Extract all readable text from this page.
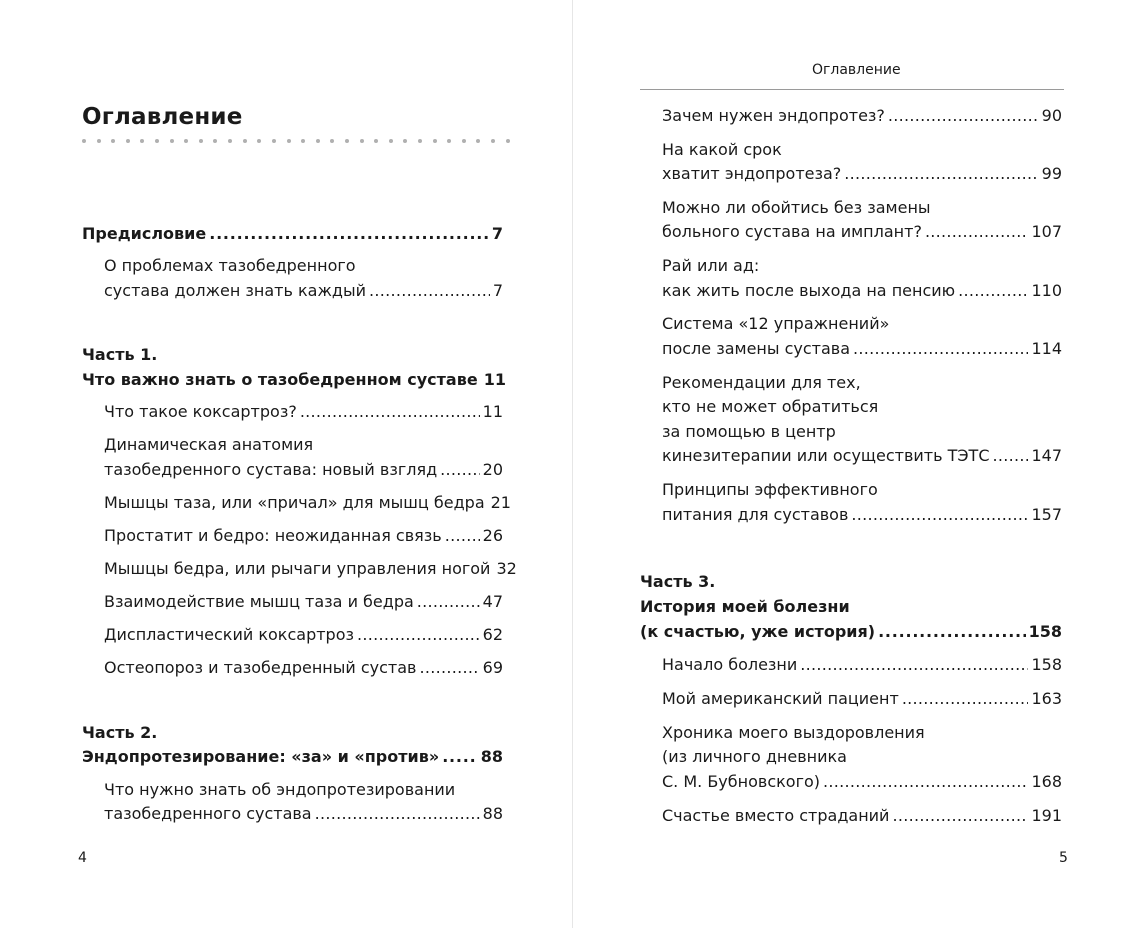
Оглавление
Предисловие . . .	7
О проблемах тазобедренного
сустава должен знать каждый . . .	7
Часть 1.
Что важно знать о тазобедренном суставе 11
Что такое коксартроз? . . .	11
Динамическая анатомия
тазобедренного сустава: новый взгляд . . .	20
Мышцы таза, или «причал» для мышц бедра 21
Простатит и бедро: неожиданная связь . . .	26
Мышцы бедра, или рычаги управления ногой 32
Взаимодействие мышц таза и бедра . . .	47
Диспластический коксартроз . . .	62
Остеопороз и тазобедренный сустав . . .	69
Часть 2.
Эндопротезирование: «за» и «против» . . .	88
Что нужно знать об эндопротезировании
тазобедренного сустава . . .	88
4
Оглавление
Зачем нужен эндопротез? . . .	90
На какой срок
хватит эндопротеза? . . .	99
Можно ли обойтись без замены
больного сустава на имплант? . . .	107
Рай или ад:
как жить после выхода на пенсию . . .	110
Система «12 упражнений»
после замены сустава . . .	114
Рекомендации для тех,
кто не может обратиться
за помощью в центр
кинезитерапии или осуществить ТЭТС . . .	147
Принципы эффективного
питания для суставов . . .	157
Часть 3.
История моей болезни
(к счастью, уже история) . . .	158
Начало болезни . . .	158
Мой американский пациент . . .	163
Хроника моего выздоровления
(из личного дневника
С. М. Бубновского) . . .	168
Счастье вместо страданий . . .	191
5
